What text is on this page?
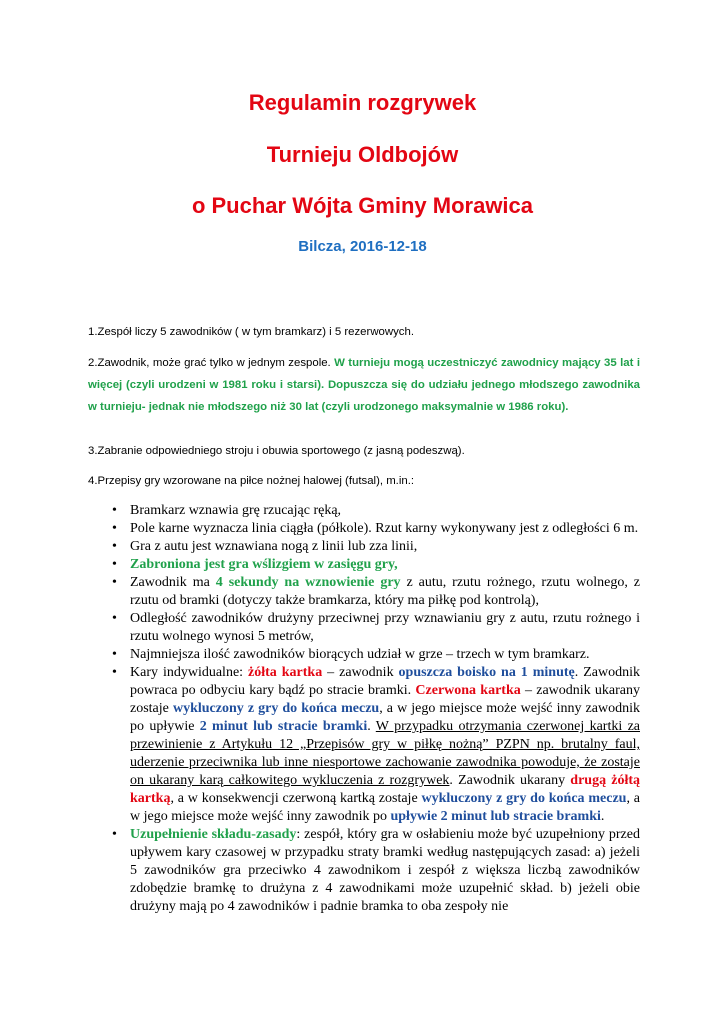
Regulamin rozgrywek
Turnieju Oldbojów
o Puchar Wójta Gminy Morawica

Bilcza, 2016-12-18

1.Zespół liczy 5 zawodników ( w tym bramkarz) i 5 rezerwowych.

2.Zawodnik, może grać tylko w jednym zespole. W turnieju mogą uczestniczyć zawodnicy mający 35 lat i więcej (czyli urodzeni w 1981 roku i starsi). Dopuszcza się do udziału jednego młodszego zawodnika w turnieju- jednak nie młodszego niż 30 lat (czyli urodzonego maksymalnie w 1986 roku).

3.Zabranie odpowiedniego stroju i obuwia sportowego (z jasną podeszwą).

4.Przepisy gry wzorowane na piłce nożnej halowej (futsal), m.in.:

• Bramkarz wznawia grę rzucając ręką,
• Pole karne wyznacza linia ciągła (półkole). Rzut karny wykonywany jest z odległości 6 m.
• Gra z autu jest wznawiana nogą z linii lub zza linii,
• Zabroniona jest gra wślizgiem w zasięgu gry,
• Zawodnik ma 4 sekundy na wznowienie gry z autu, rzutu rożnego, rzutu wolnego, z rzutu od bramki (dotyczy także bramkarza, który ma piłkę pod kontrolą),
• Odległość zawodników drużyny przeciwnej przy wznawianiu gry z autu, rzutu rożnego i rzutu wolnego wynosi 5 metrów,
• Najmniejsza ilość zawodników biorących udział w grze – trzech w tym bramkarz.
• Kary indywidualne: żółta kartka – zawodnik opuszcza boisko na 1 minutę. Zawodnik powraca po odbyciu kary bądź po stracie bramki. Czerwona kartka – zawodnik ukarany zostaje wykluczony z gry do końca meczu, a w jego miejsce może wejść inny zawodnik po upływie 2 minut lub stracie bramki. W przypadku otrzymania czerwonej kartki za przewinienie z Artykułu 12 „Przepisów gry w piłkę nożną” PZPN np. brutalny faul, uderzenie przeciwnika lub inne niesportowe zachowanie zawodnika powoduje, że zostaje on ukarany karą całkowitego wykluczenia z rozgrywek. Zawodnik ukarany drugą żółtą kartką, a w konsekwencji czerwoną kartką zostaje wykluczony z gry do końca meczu, a w jego miejsce może wejść inny zawodnik po upływie 2 minut lub stracie bramki.
• Uzupełnienie składu-zasady: zespół, który gra w osłabieniu może być uzupełniony przed upływem kary czasowej w przypadku straty bramki według następujących zasad: a) jeżeli 5 zawodników gra przeciwko 4 zawodnikom i zespół z większa liczbą zawodników zdobędzie bramkę to drużyna z 4 zawodnikami może uzupełnić skład. b) jeżeli obie drużyny mają po 4 zawodników i padnie bramka to oba zespoły nie
